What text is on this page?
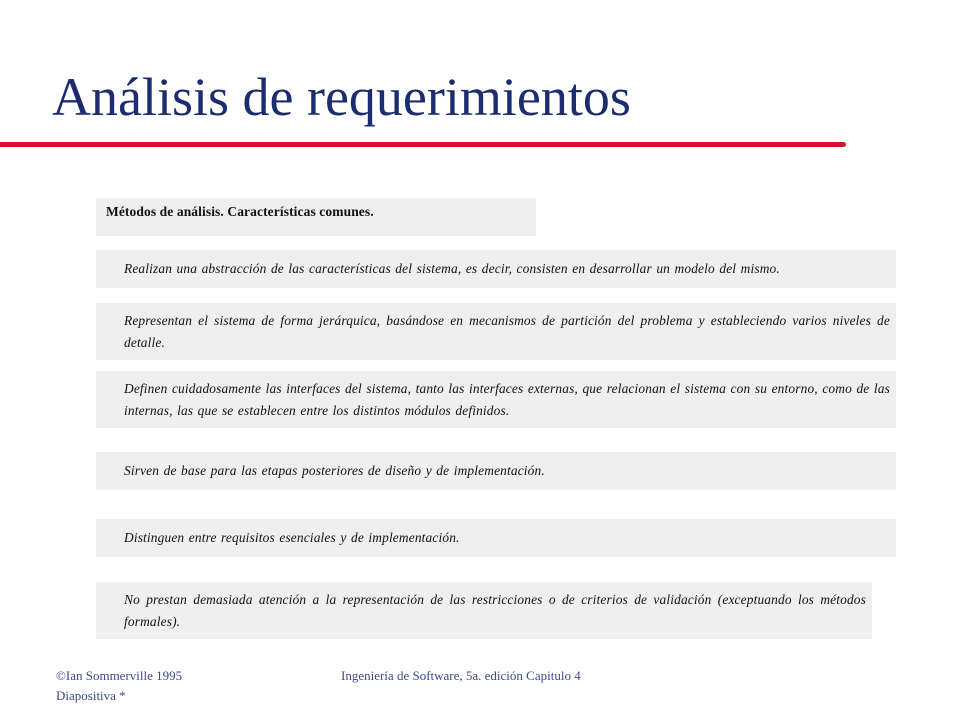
Análisis de requerimientos
Métodos de análisis. Características comunes.

Realizan una abstracción de las características del sistema, es decir, consisten en desarrollar un modelo del mismo.

Representan el sistema de forma jerárquica, basándose en mecanismos de partición del problema y estableciendo varios niveles de detalle.

Definen cuidadosamente las interfaces del sistema, tanto las interfaces externas, que relacionan el sistema con su entorno, como de las internas, las que se establecen entre los distintos módulos definidos.

Sirven de base para las etapas posteriores de diseño y de implementación.

Distinguen entre requisitos esenciales y de implementación.

No prestan demasiada atención a la representación de las restricciones o de criterios de validación (exceptuando los métodos formales).

©Ian Sommerville 1995
Diapositiva *
Ingeniería de Software, 5a. edición Capitulo 4
